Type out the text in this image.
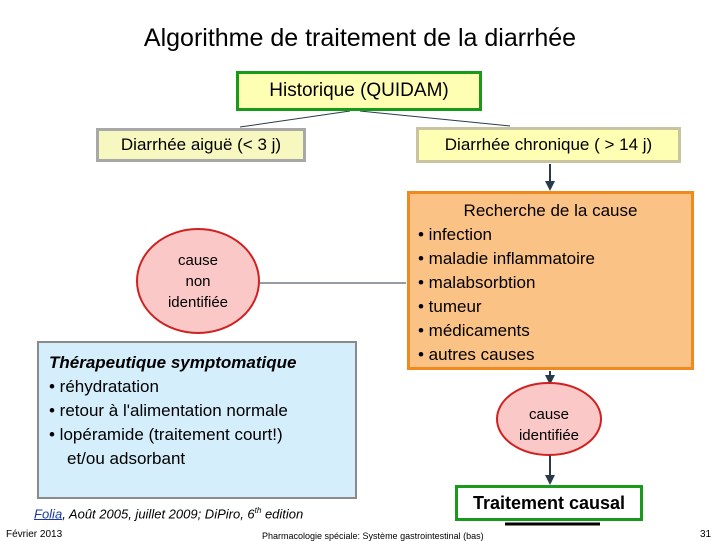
Algorithme de traitement de la diarrhée
Historique (QUIDAM)
Diarrhée aiguë (< 3 j)	Diarrhée chronique ( > 14 j)
cause
non
identifiée
Recherche de la cause
• infection
• maladie inflammatoire
• malabsorbtion
• tumeur
• médicaments
• autres causes
cause
identifiée
Thérapeutique symptomatique
• réhydratation
• retour à l'alimentation normale
• lopéramide (traitement court!)
et/ou adsorbant
Traitement causal
Folia, Août 2005, juillet 2009; DiPiro, 6th edition
Février 2013	Pharmacologie spéciale: Système gastrointestinal (bas)	31
